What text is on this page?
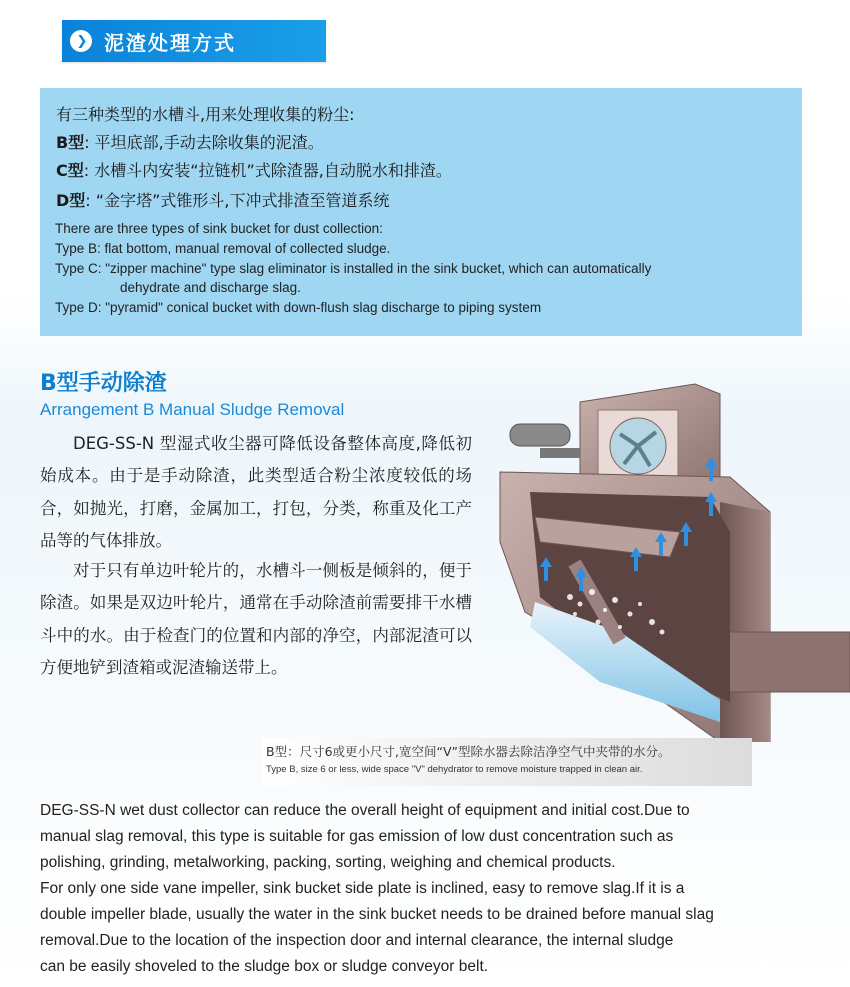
❯ 泥渣处理方式
有三种类型的水槽斗,用来处理收集的粉尘:
B型: 平坦底部,手动去除收集的泥渣。
C型: 水槽斗内安装“拉链机”式除渣器,自动脱水和排渣。
D型: “金字塔”式锥形斗,下冲式排渣至管道系统
There are three types of sink bucket for dust collection:
Type B: flat bottom, manual removal of collected sludge.
Type C: "zipper machine" type slag eliminator is installed in the sink bucket, which can automatically
dehydrate and discharge slag.
Type D: "pyramid" conical bucket with down-flush slag discharge to piping system
B型手动除渣
Arrangement B Manual Sludge Removal
DEG-SS-N 型湿式收尘器可降低设备整体高度,降低初始成本。由于是手动除渣，此类型适合粉尘浓度较低的场合，如抛光，打磨，金属加工，打包，分类，称重及化工产品等的气体排放。
对于只有单边叶轮片的，水槽斗一侧板是倾斜的，便于除渣。如果是双边叶轮片，通常在手动除渣前需要排干水槽斗中的水。由于检查门的位置和内部的净空，内部泥渣可以方便地铲到渣箱或泥渣输送带上。
B型：尺寸6或更小尺寸,宽空间“V”型除水器去除洁净空气中夹带的水分。
Type B, size 6 or less, wide space "V" dehydrator to remove moisture trapped in clean air.
DEG-SS-N wet dust collector can reduce the overall height of equipment and initial cost.Due to
manual slag removal, this type is suitable for gas emission of low dust concentration such as
polishing, grinding, metalworking, packing, sorting, weighing and chemical products.
For only one side vane impeller, sink bucket side plate is inclined, easy to remove slag.If it is a
double impeller blade, usually the water in the sink bucket needs to be drained before manual slag
removal.Due to the location of the inspection door and internal clearance, the internal sludge
can be easily shoveled to the sludge box or sludge conveyor belt.
